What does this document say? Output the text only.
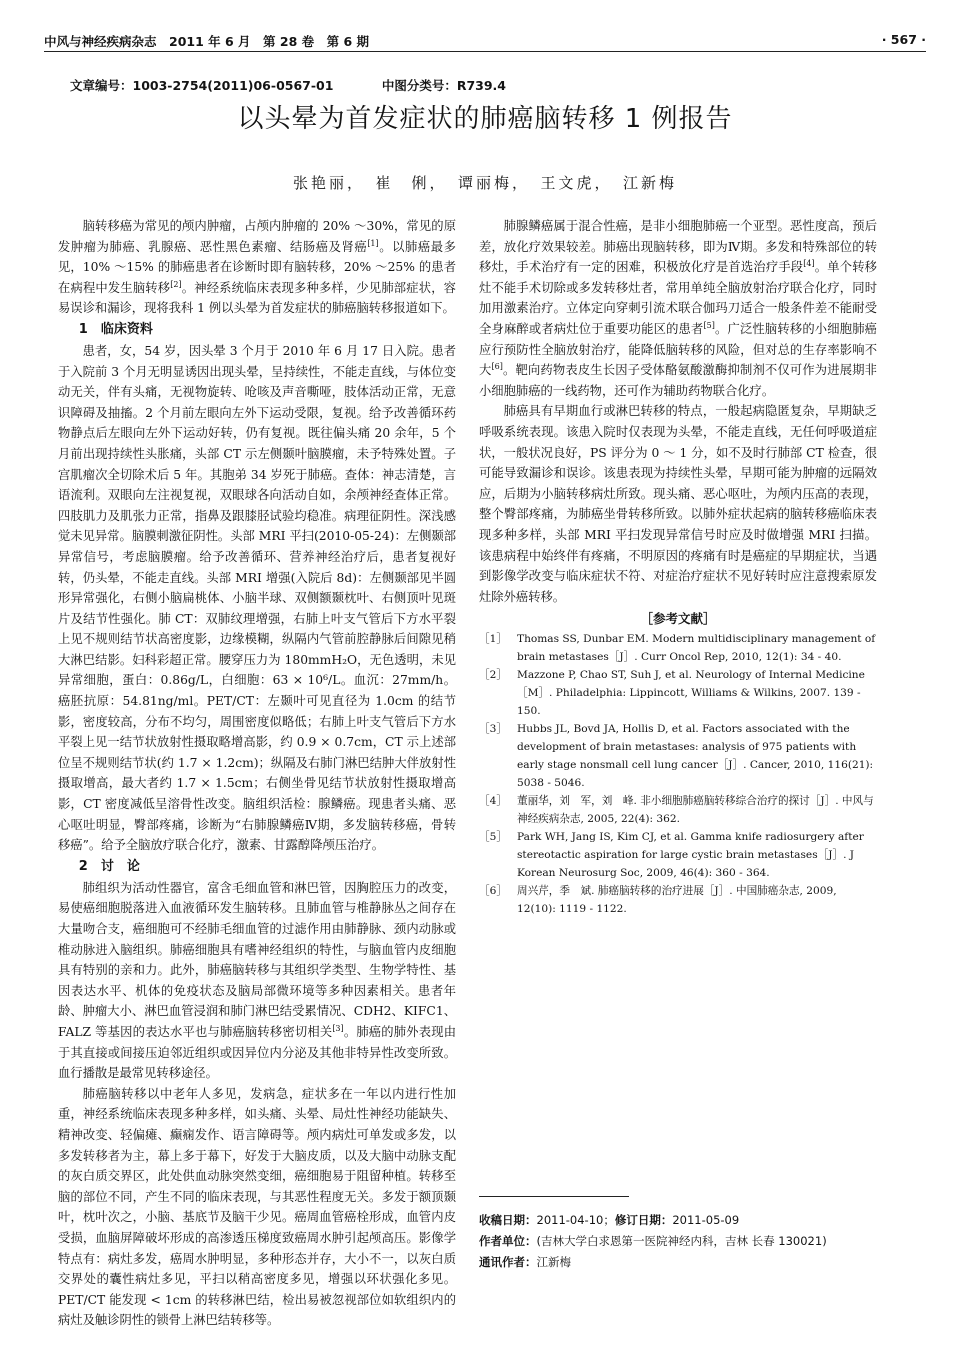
中风与神经疾病杂志　2011 年 6 月　第 28 卷　第 6 期	· 567 ·
文章编号：1003-2754(2011)06-0567-01	中图分类号：R739.4
以头晕为首发症状的肺癌脑转移 1 例报告
张艳丽，　崔　俐，　谭丽梅，　王文虎，　江新梅

脑转移癌为常见的颅内肿瘤，占颅内肿瘤的 20% ～30%，常见的原发肿瘤为肺癌、乳腺癌、恶性黑色素瘤、结肠癌及肾癌[1]。以肺癌最多见，10% ～15% 的肺癌患者在诊断时即有脑转移，20% ～25% 的患者在病程中发生脑转移[2]。神经系统临床表现多种多样，少见肺部症状，容易误诊和漏诊，现将我科 1 例以头晕为首发症状的肺癌脑转移报道如下。

1　临床资料

患者，女，54 岁，因头晕 3 个月于 2010 年 6 月 17 日入院。患者于入院前 3 个月无明显诱因出现头晕，呈持续性，不能走直线，与体位变动无关，伴有头痛，无视物旋转、呛咳及声音嘶哑，肢体活动正常，无意识障碍及抽搐。2 个月前左眼向左外下运动受限，复视。给予改善循环药物静点后左眼向左外下运动好转，仍有复视。既往偏头痛 20 余年，5 个月前出现持续性头胀痛，头部 CT 示左侧颞叶脑膜瘤，未予特殊处置。子宫肌瘤次全切除术后 5 年。其胞弟 34 岁死于肺癌。查体：神志清楚，言语流利。双眼向左注视复视，双眼球各向活动自如，余颅神经查体正常。四肢肌力及肌张力正常，指鼻及跟膝胫试验均稳准。病理征阴性。深浅感觉未见异常。脑膜刺激征阴性。头部 MRI 平扫(2010-05-24)：左侧颞部异常信号，考虑脑膜瘤。给予改善循环、营养神经治疗后，患者复视好转，仍头晕，不能走直线。头部 MRI 增强(入院后 8d)：左侧颞部见半圆形异常强化，右侧小脑扁桃体、小脑半球、双侧额颞枕叶、右侧顶叶见斑片及结节性强化。肺 CT：双肺纹理增强，右肺上叶支气管后下方水平裂上见不规则结节状高密度影，边缘模糊，纵隔内气管前腔静脉后间隙见稍大淋巴结影。妇科彩超正常。腰穿压力为 180mmH₂O，无色透明，未见异常细胞，蛋白：0.86g/L，白细胞：63 × 10⁶/L。血沉：27mm/h。癌胚抗原：54.81ng/ml。PET/CT：左颞叶可见直径为 1.0cm 的结节影，密度较高，分布不均匀，周围密度似略低；右肺上叶支气管后下方水平裂上见一结节状放射性摄取略增高影，约 0.9 × 0.7cm，CT 示上述部位呈不规则结节状(约 1.7 × 1.2cm)；纵隔及右肺门淋巴结肿大伴放射性摄取增高，最大者约 1.7 × 1.5cm；右侧坐骨见结节状放射性摄取增高影，CT 密度减低呈溶骨性改变。脑组织活检：腺鳞癌。现患者头痛、恶心呕吐明显，臀部疼痛，诊断为“右肺腺鳞癌Ⅳ期，多发脑转移癌，骨转移癌”。给予全脑放疗联合化疗，激素、甘露醇降颅压治疗。

2　讨　论

肺组织为活动性器官，富含毛细血管和淋巴管，因胸腔压力的改变，易使癌细胞脱落进入血液循环发生脑转移。且肺血管与椎静脉丛之间存在大量吻合支，癌细胞可不经肺毛细血管的过滤作用由肺静脉、颈内动脉或椎动脉进入脑组织。肺癌细胞具有嗜神经组织的特性，与脑血管内皮细胞具有特别的亲和力。此外，肺癌脑转移与其组织学类型、生物学特性、基因表达水平、机体的免疫状态及脑局部微环境等多种因素相关。患者年龄、肿瘤大小、淋巴血管浸润和肺门淋巴结受累情况、CDH2、KIFC1、FALZ 等基因的表达水平也与肺癌脑转移密切相关[3]。肺癌的肺外表现由于其直接或间接压迫邻近组织或因异位内分泌及其他非特异性改变所致。血行播散是最常见转移途径。

肺癌脑转移以中老年人多见，发病急，症状多在一年以内进行性加重，神经系统临床表现多种多样，如头痛、头晕、局灶性神经功能缺失、精神改变、轻偏瘫、癫痫发作、语言障碍等。颅内病灶可单发或多发，以多发转移者为主，幕上多于幕下，好发于大脑皮质，以及大脑中动脉支配的灰白质交界区，此处供血动脉突然变细，癌细胞易于阻留种植。转移至脑的部位不同，产生不同的临床表现，与其恶性程度无关。多发于额顶颞叶，枕叶次之，小脑、基底节及脑干少见。癌周血管癌栓形成，血管内皮受损，血脑屏障破坏形成的高渗透压梯度致癌周水肿引起颅高压。影像学特点有：病灶多发，癌周水肿明显，多种形态并存，大小不一，以灰白质交界处的囊性病灶多见，平扫以稍高密度多见，增强以环状强化多见。PET/CT 能发现 < 1cm 的转移淋巴结，检出易被忽视部位如软组织内的病灶及触诊阴性的锁骨上淋巴结转移等。

肺腺鳞癌属于混合性癌，是非小细胞肺癌一个亚型。恶性度高，预后差，放化疗效果较差。肺癌出现脑转移，即为Ⅳ期。多发和特殊部位的转移灶，手术治疗有一定的困难，积极放化疗是首选治疗手段[4]。单个转移灶不能手术切除或多发转移灶者，常用单纯全脑放射治疗联合化疗，同时加用激素治疗。立体定向穿刺引流术联合伽玛刀适合一般条件差不能耐受全身麻醉或者病灶位于重要功能区的患者[5]。广泛性脑转移的小细胞肺癌应行预防性全脑放射治疗，能降低脑转移的风险，但对总的生存率影响不大[6]。靶向药物表皮生长因子受体酪氨酸激酶抑制剂不仅可作为进展期非小细胞肺癌的一线药物，还可作为辅助药物联合化疗。

肺癌具有早期血行或淋巴转移的特点，一般起病隐匿复杂，早期缺乏呼吸系统表现。该患入院时仅表现为头晕，不能走直线，无任何呼吸道症状，一般状况良好，PS 评分为 0 ～ 1 分，如不及时行肺部 CT 检查，很可能导致漏诊和误诊。该患表现为持续性头晕，早期可能为肿瘤的远隔效应，后期为小脑转移病灶所致。现头痛、恶心呕吐，为颅内压高的表现，整个臀部疼痛，为肺癌坐骨转移所致。以肺外症状起病的脑转移癌临床表现多种多样，头部 MRI 平扫发现异常信号时应及时做增强 MRI 扫描。该患病程中始终伴有疼痛，不明原因的疼痛有时是癌症的早期症状，当遇到影像学改变与临床症状不符、对症治疗症状不见好转时应注意搜索原发灶除外癌转移。

［参考文献］
［1］ Thomas SS, Dunbar EM. Modern multidisciplinary management of brain metastases［J］. Curr Oncol Rep, 2010, 12(1): 34 - 40.
［2］ Mazzone P, Chao ST, Suh J, et al. Neurology of Internal Medicine［M］. Philadelphia: Lippincott, Williams & Wilkins, 2007. 139 - 150.
［3］ Hubbs JL, Bovd JA, Hollis D, et al. Factors associated with the development of brain metastases: analysis of 975 patients with early stage nonsmall cell lung cancer［J］. Cancer, 2010, 116(21): 5038 - 5046.
［4］ 董丽华，刘　军，刘　峰. 非小细胞肺癌脑转移综合治疗的探讨［J］. 中风与神经疾病杂志, 2005, 22(4): 362.
［5］ Park WH, Jang IS, Kim CJ, et al. Gamma knife radiosurgery after stereotactic aspiration for large cystic brain metastases［J］. J Korean Neurosurg Soc, 2009, 46(4): 360 - 364.
［6］ 周兴芹，季　斌. 肺癌脑转移的治疗进展［J］. 中国肺癌杂志, 2009, 12(10): 1119 - 1122.
收稿日期：2011-04-10；修订日期：2011-05-09
作者单位：(吉林大学白求恩第一医院神经内科，吉林 长春 130021)
通讯作者：江新梅
